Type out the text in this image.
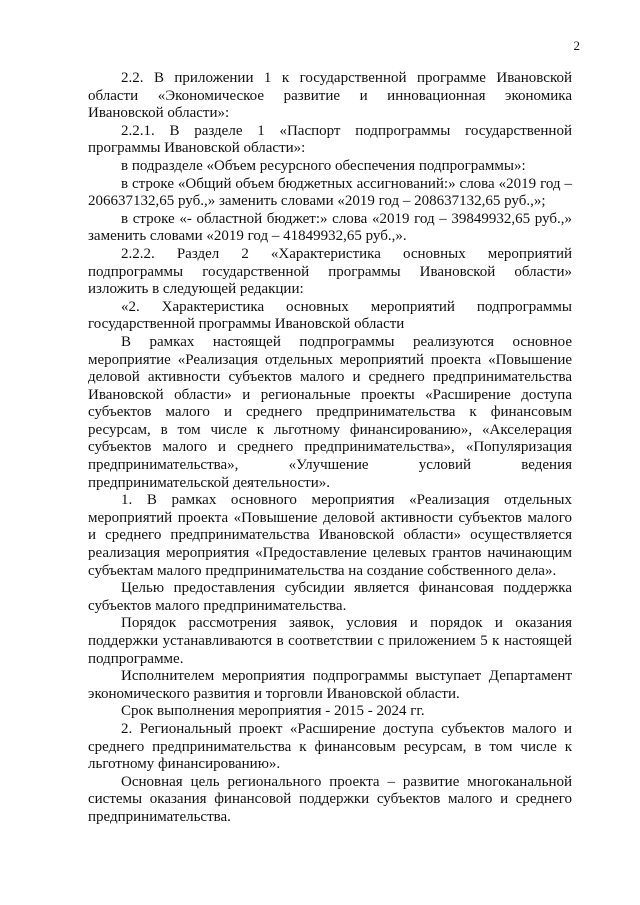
2

2.2. В приложении 1 к государственной программе Ивановской области «Экономическое развитие и инновационная экономика Ивановской области»:

2.2.1. В разделе 1 «Паспорт подпрограммы государственной программы Ивановской области»:

в подразделе «Объем ресурсного обеспечения подпрограммы»:

в строке «Общий объем бюджетных ассигнований:» слова «2019 год – 206637132,65 руб.,» заменить словами «2019 год – 208637132,65 руб.,»;

в строке «- областной бюджет:» слова «2019 год – 39849932,65 руб.,» заменить словами «2019 год – 41849932,65 руб.,».

2.2.2. Раздел 2 «Характеристика основных мероприятий подпрограммы государственной программы Ивановской области» изложить в следующей редакции:

«2. Характеристика основных мероприятий подпрограммы государственной программы Ивановской области

В рамках настоящей подпрограммы реализуются основное мероприятие «Реализация отдельных мероприятий проекта «Повышение деловой активности субъектов малого и среднего предпринимательства Ивановской области» и региональные проекты «Расширение доступа субъектов малого и среднего предпринимательства к финансовым ресурсам, в том числе к льготному финансированию», «Акселерация субъектов малого и среднего предпринимательства», «Популяризация предпринимательства», «Улучшение условий ведения предпринимательской деятельности».

1. В рамках основного мероприятия «Реализация отдельных мероприятий проекта «Повышение деловой активности субъектов малого и среднего предпринимательства Ивановской области» осуществляется реализация мероприятия «Предоставление целевых грантов начинающим субъектам малого предпринимательства на создание собственного дела».

Целью предоставления субсидии является финансовая поддержка субъектов малого предпринимательства.

Порядок рассмотрения заявок, условия и порядок и оказания поддержки устанавливаются в соответствии с приложением 5 к настоящей подпрограмме.

Исполнителем мероприятия подпрограммы выступает Департамент экономического развития и торговли Ивановской области.

Срок выполнения мероприятия - 2015 - 2024 гг.

2. Региональный проект «Расширение доступа субъектов малого и среднего предпринимательства к финансовым ресурсам, в том числе к льготному финансированию».

Основная цель регионального проекта – развитие многоканальной системы оказания финансовой поддержки субъектов малого и среднего предпринимательства.
